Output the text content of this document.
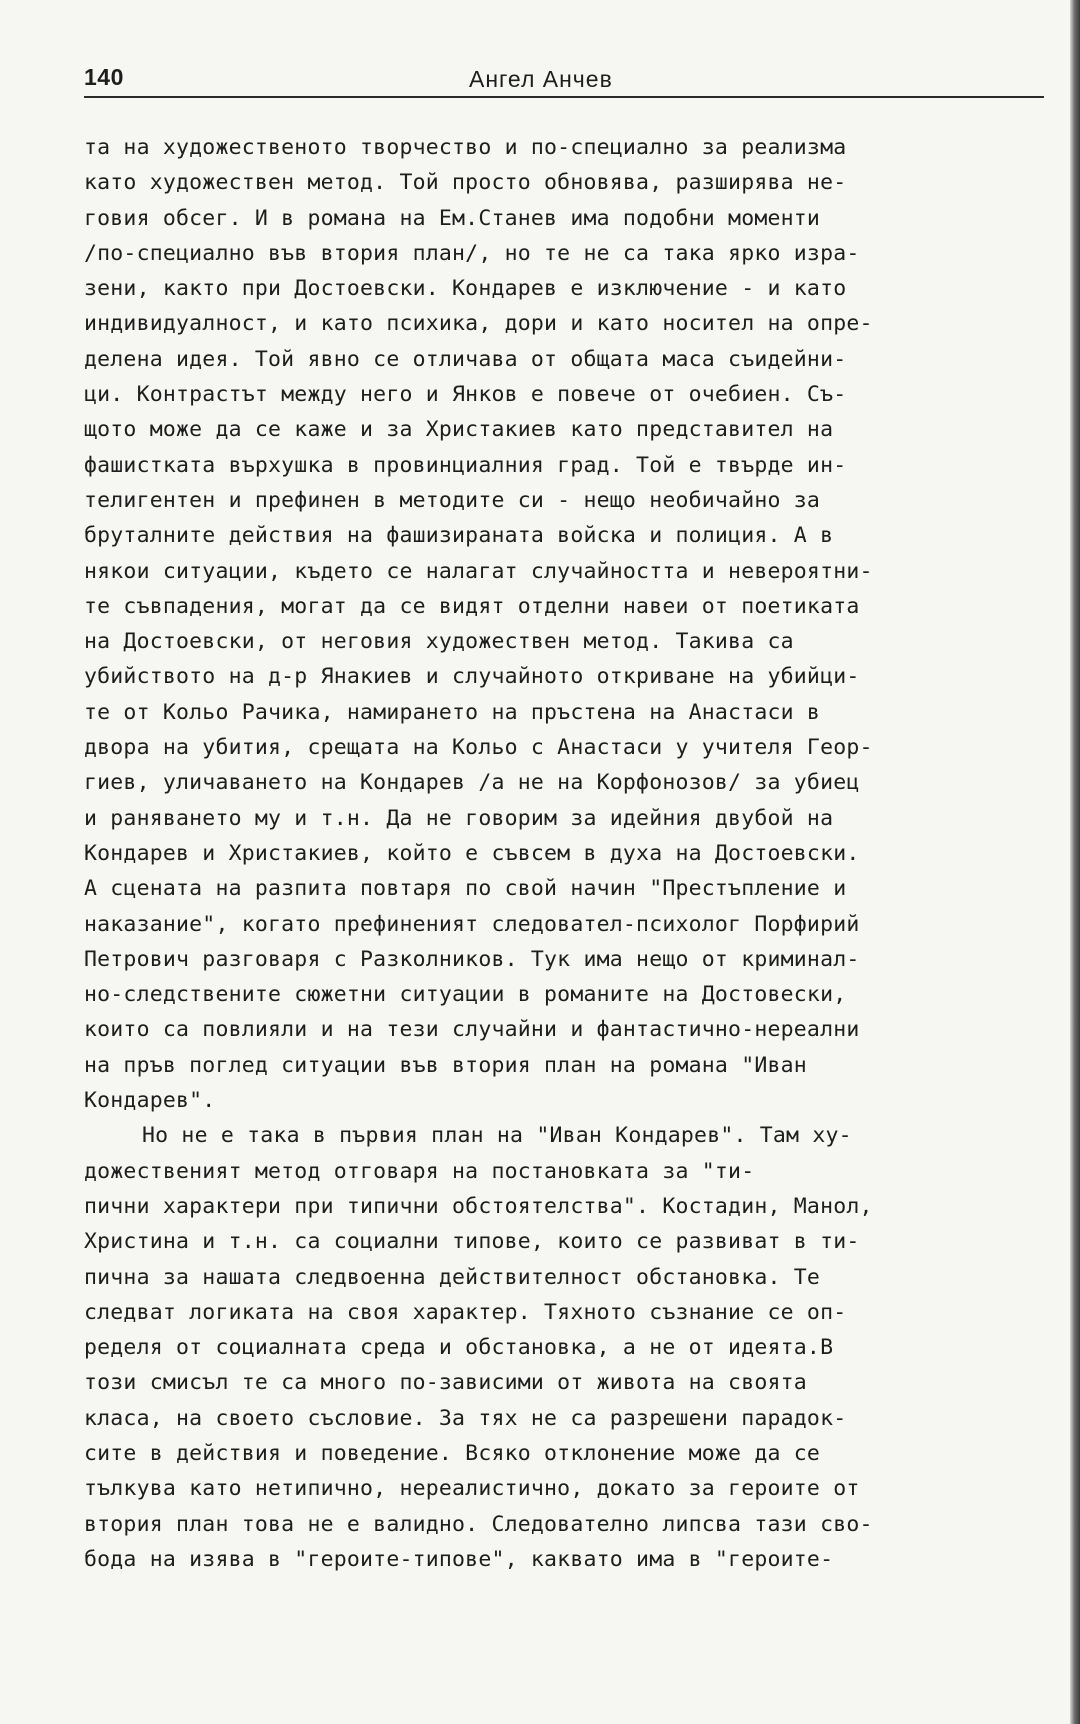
140	Ангел Анчев
та на художественото творчество и по-специално за реализма
като художествен метод. Той просто обновява, разширява не-
говия обсег. И в романа на Ем.Станев има подобни моменти
/по-специално във втория план/, но те не са така ярко изра-
зени, както при Достоевски. Кондарев е изключение - и като
индивидуалност, и като психика, дори и като носител на опре-
делена идея. Той явно се отличава от общата маса съидейни-
ци. Контрастът между него и Янков е повече от очебиен. Съ-
щото може да се каже и за Христакиев като представител на
фашистката върхушка в провинциалния град. Той е твърде ин-
телигентен и префинен в методите си - нещо необичайно за
бруталните действия на фашизираната войска и полиция. А в
някои ситуации, където се налагат случайността и невероятни-
те съвпадения, могат да се видят отделни навеи от поетиката
на Достоевски, от неговия художествен метод. Такива са
убийството на д-р Янакиев и случайното откриване на убийци-
те от Кольо Рачика, намирането на пръстена на Анастаси в
двора на убития, срещата на Кольо с Анастаси у учителя Геор-
гиев, уличаването на Кондарев /а не на Корфонозов/ за убиец
и раняването му и т.н. Да не говорим за идейния двубой на
Кондарев и Христакиев, който е съвсем в духа на Достоевски.
А сцената на разпита повтаря по свой начин "Престъпление и
наказание", когато префиненият следовател-психолог Порфирий
Петрович разговаря с Разколников. Тук има нещо от криминал-
но-следствените сюжетни ситуации в романите на Достовески,
които са повлияли и на тези случайни и фантастично-нереални
на пръв поглед ситуации във втория план на романа "Иван
Кондарев".
Но не е така в първия план на "Иван Кондарев". Там ху-
дожественият метод отговаря на постановката за "ти-
пични характери при типични обстоятелства". Костадин, Манол,
Христина и т.н. са социални типове, които се развиват в ти-
пична за нашата следвоенна действителност обстановка. Те
следват логиката на своя характер. Тяхното съзнание се оп-
ределя от социалната среда и обстановка, а не от идеята.В
този смисъл те са много по-зависими от живота на своята
класа, на своето съсловие. За тях не са разрешени парадок-
сите в действия и поведение. Всяко отклонение може да се
тълкува като нетипично, нереалистично, докато за героите от
втория план това не е валидно. Следователно липсва тази сво-
бода на изява в "героите-типове", каквато има в "героите-
